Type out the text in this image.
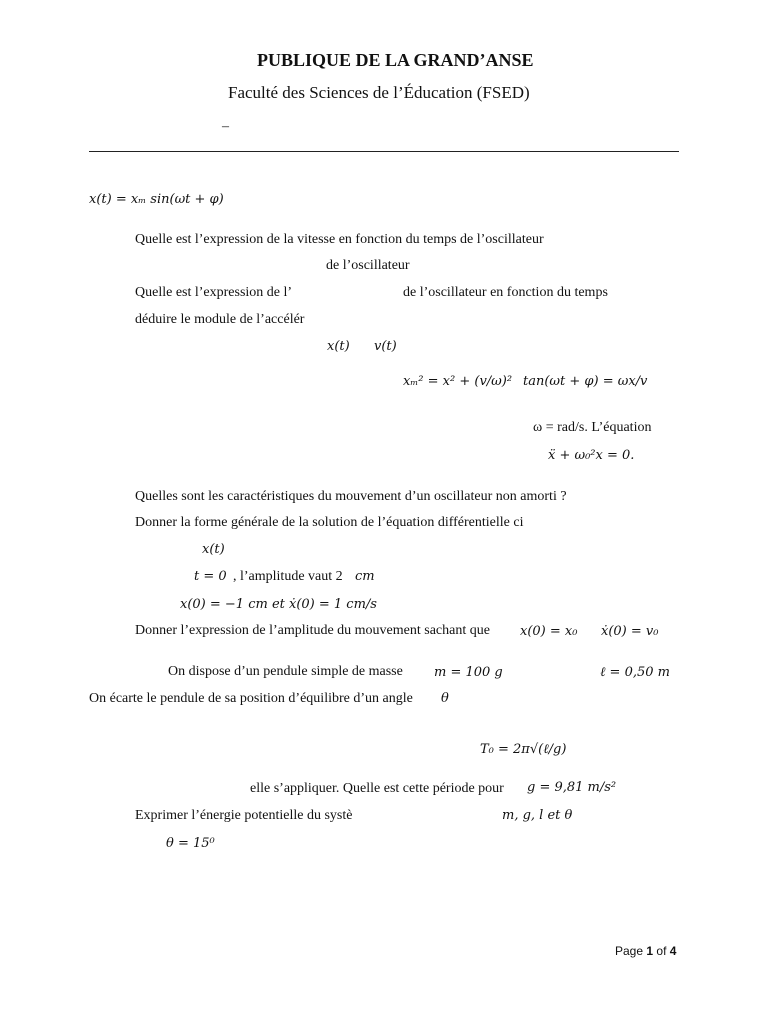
PUBLIQUE DE LA GRAND’ANSE
Faculté des Sciences de l’Éducation (FSED)
–
x(t) = xₘ sin(ωt + φ)
Quelle est l’expression de la vitesse en fonction du temps de l’oscillateur
de l’oscillateur
Quelle est l’expression de l’	de l’oscillateur en fonction du temps
déduire le module de l’accélér
x(t) v(t)
xₘ² = x² + (v/ω)² tan(ωt + φ) = ωx/v
ω = rad/s. L’équation
ẍ + ω₀²x = 0.
Quelles sont les caractéristiques du mouvement d’un oscillateur non amorti ?
Donner la forme générale de la solution de l’équation différentielle ci
x(t)
t = 0 , l’amplitude vaut 2 cm
x(0) = −1 cm et ẋ(0) = 1 cm/s
Donner l’expression de l’amplitude du mouvement sachant que x(0) = x₀ ẋ(0) = v₀
On dispose d’un pendule simple de masse m = 100 g	ℓ = 0,50 m
On écarte le pendule de sa position d’équilibre d’un angle θ
T₀ = 2π√(ℓ/g)
elle s’appliquer. Quelle est cette période pour g = 9,81 m/s²
Exprimer l’énergie potentielle du systè	m, g, l et θ
θ = 15⁰
Page 1 of 4
